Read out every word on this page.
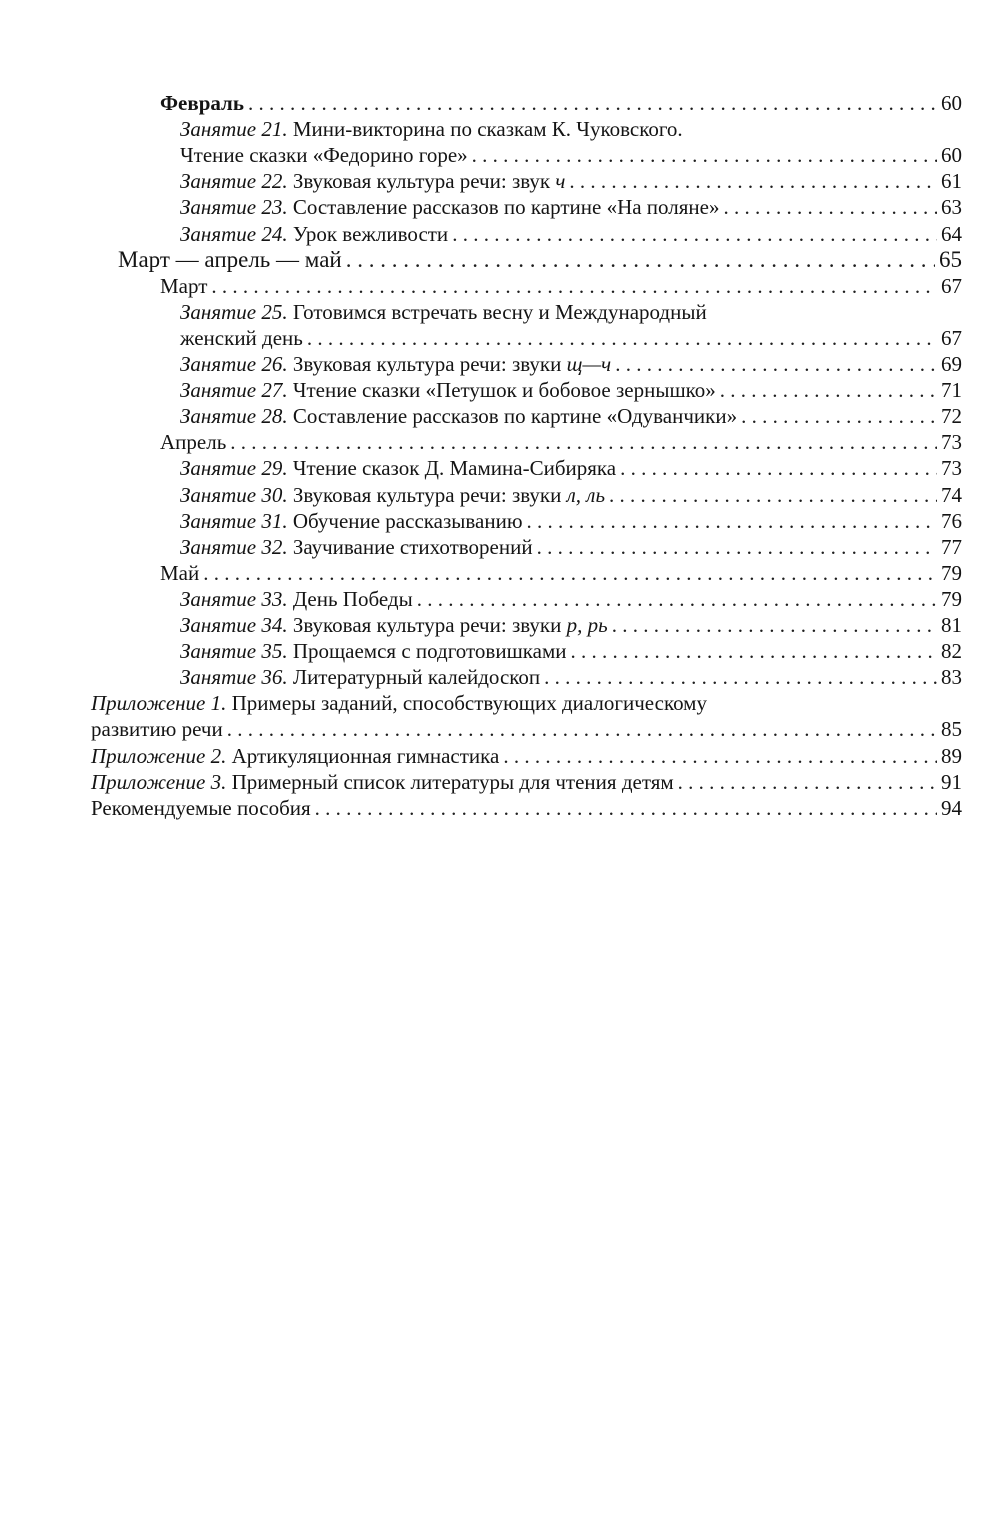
Февраль . . .	60
Занятие 21. Мини-викторина по сказкам К. Чуковского.
Чтение сказки «Федорино горе» . . .	60
Занятие 22. Звуковая культура речи: звук ч . . .	61
Занятие 23. Составление рассказов по картине «На поляне» . . .	63
Занятие 24. Урок вежливости . . .	64
Март — апрель — май . . .	65
Март . . .	67
Занятие 25. Готовимся встречать весну и Международный
женский день . . .	67
Занятие 26. Звуковая культура речи: звуки щ—ч . . .	69
Занятие 27. Чтение сказки «Петушок и бобовое зернышко» . . .	71
Занятие 28. Составление рассказов по картине «Одуванчики» . . .	72
Апрель . . .	73
Занятие 29. Чтение сказок Д. Мамина-Сибиряка . . .	73
Занятие 30. Звуковая культура речи: звуки л, ль . . .	74
Занятие 31. Обучение рассказыванию . . .	76
Занятие 32. Заучивание стихотворений . . .	77
Май . . .	79
Занятие 33. День Победы . . .	79
Занятие 34. Звуковая культура речи: звуки р, рь . . .	81
Занятие 35. Прощаемся с подготовишками . . .	82
Занятие 36. Литературный калейдоскоп . . .	83
Приложение 1. Примеры заданий, способствующих диалогическому
развитию речи . . .	85
Приложение 2. Артикуляционная гимнастика . . .	89
Приложение 3. Примерный список литературы для чтения детям . . .	91
Рекомендуемые пособия . . .	94
